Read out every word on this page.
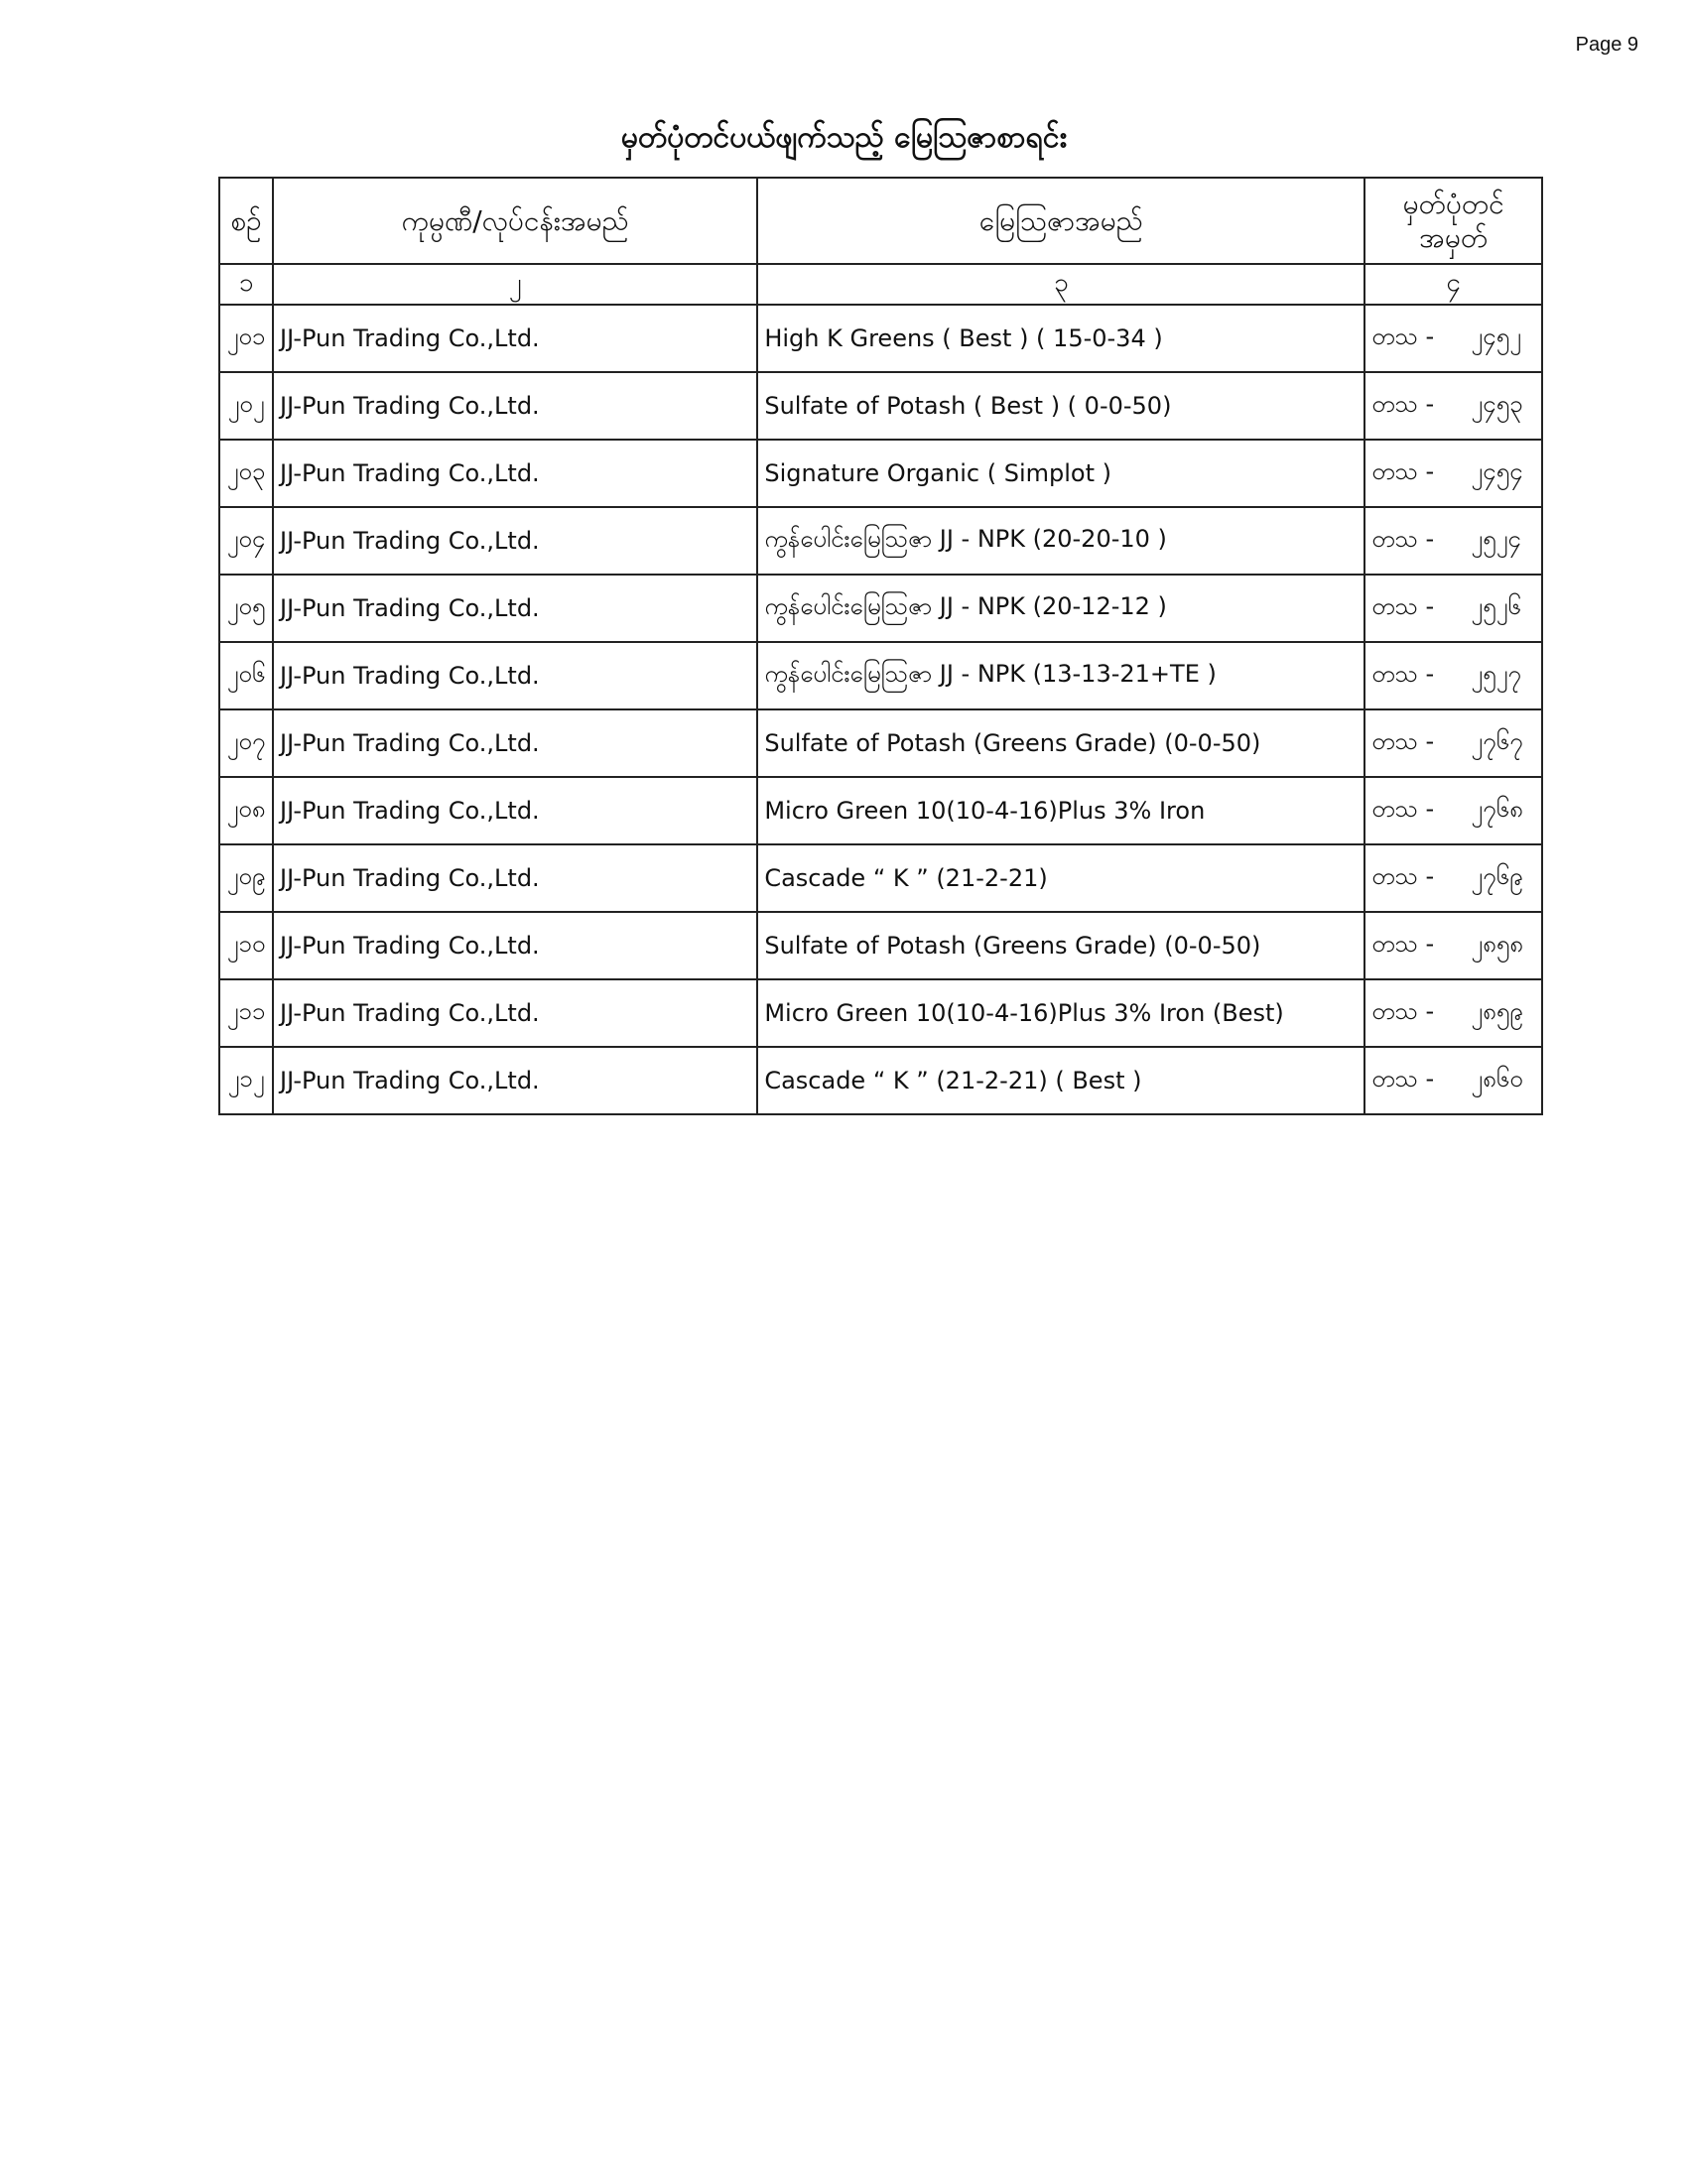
Page 9
မှတ်ပုံတင်ပယ်ဖျက်သည့် မြေဩဇာစာရင်း
စဉ်	ကုမ္ပဏီ/လုပ်ငန်းအမည်	မြေဩဇာအမည်	မှတ်ပုံတင် အမှတ်
၁	၂	၃	၄
၂၀၁	JJ-Pun Trading Co.,Ltd.	High K Greens ( Best ) ( 15-0-34 )	တသ - ၂၄၅၂
၂၀၂	JJ-Pun Trading Co.,Ltd.	Sulfate of Potash ( Best ) ( 0-0-50)	တသ - ၂၄၅၃
၂၀၃	JJ-Pun Trading Co.,Ltd.	Signature Organic ( Simplot )	တသ - ၂၄၅၄
၂၀၄	JJ-Pun Trading Co.,Ltd.	ကွန်ပေါင်းမြေဩဇာ JJ - NPK (20-20-10 )	တသ - ၂၅၂၄
၂၀၅	JJ-Pun Trading Co.,Ltd.	ကွန်ပေါင်းမြေဩဇာ JJ - NPK (20-12-12 )	တသ - ၂၅၂၆
၂၀၆	JJ-Pun Trading Co.,Ltd.	ကွန်ပေါင်းမြေဩဇာ JJ - NPK (13-13-21+TE )	တသ - ၂၅၂၇
၂၀၇	JJ-Pun Trading Co.,Ltd.	Sulfate of Potash (Greens Grade) (0-0-50)	တသ - ၂၇၆၇
၂၀၈	JJ-Pun Trading Co.,Ltd.	Micro Green 10(10-4-16)Plus 3% Iron	တသ - ၂၇၆၈
၂၀၉	JJ-Pun Trading Co.,Ltd.	Cascade “ K ” (21-2-21)	တသ - ၂၇၆၉
၂၁၀	JJ-Pun Trading Co.,Ltd.	Sulfate of Potash (Greens Grade) (0-0-50)	တသ - ၂၈၅၈
၂၁၁	JJ-Pun Trading Co.,Ltd.	Micro Green 10(10-4-16)Plus 3% Iron (Best)	တသ - ၂၈၅၉
၂၁၂	JJ-Pun Trading Co.,Ltd.	Cascade “ K ” (21-2-21) ( Best )	တသ - ၂၈၆၀
